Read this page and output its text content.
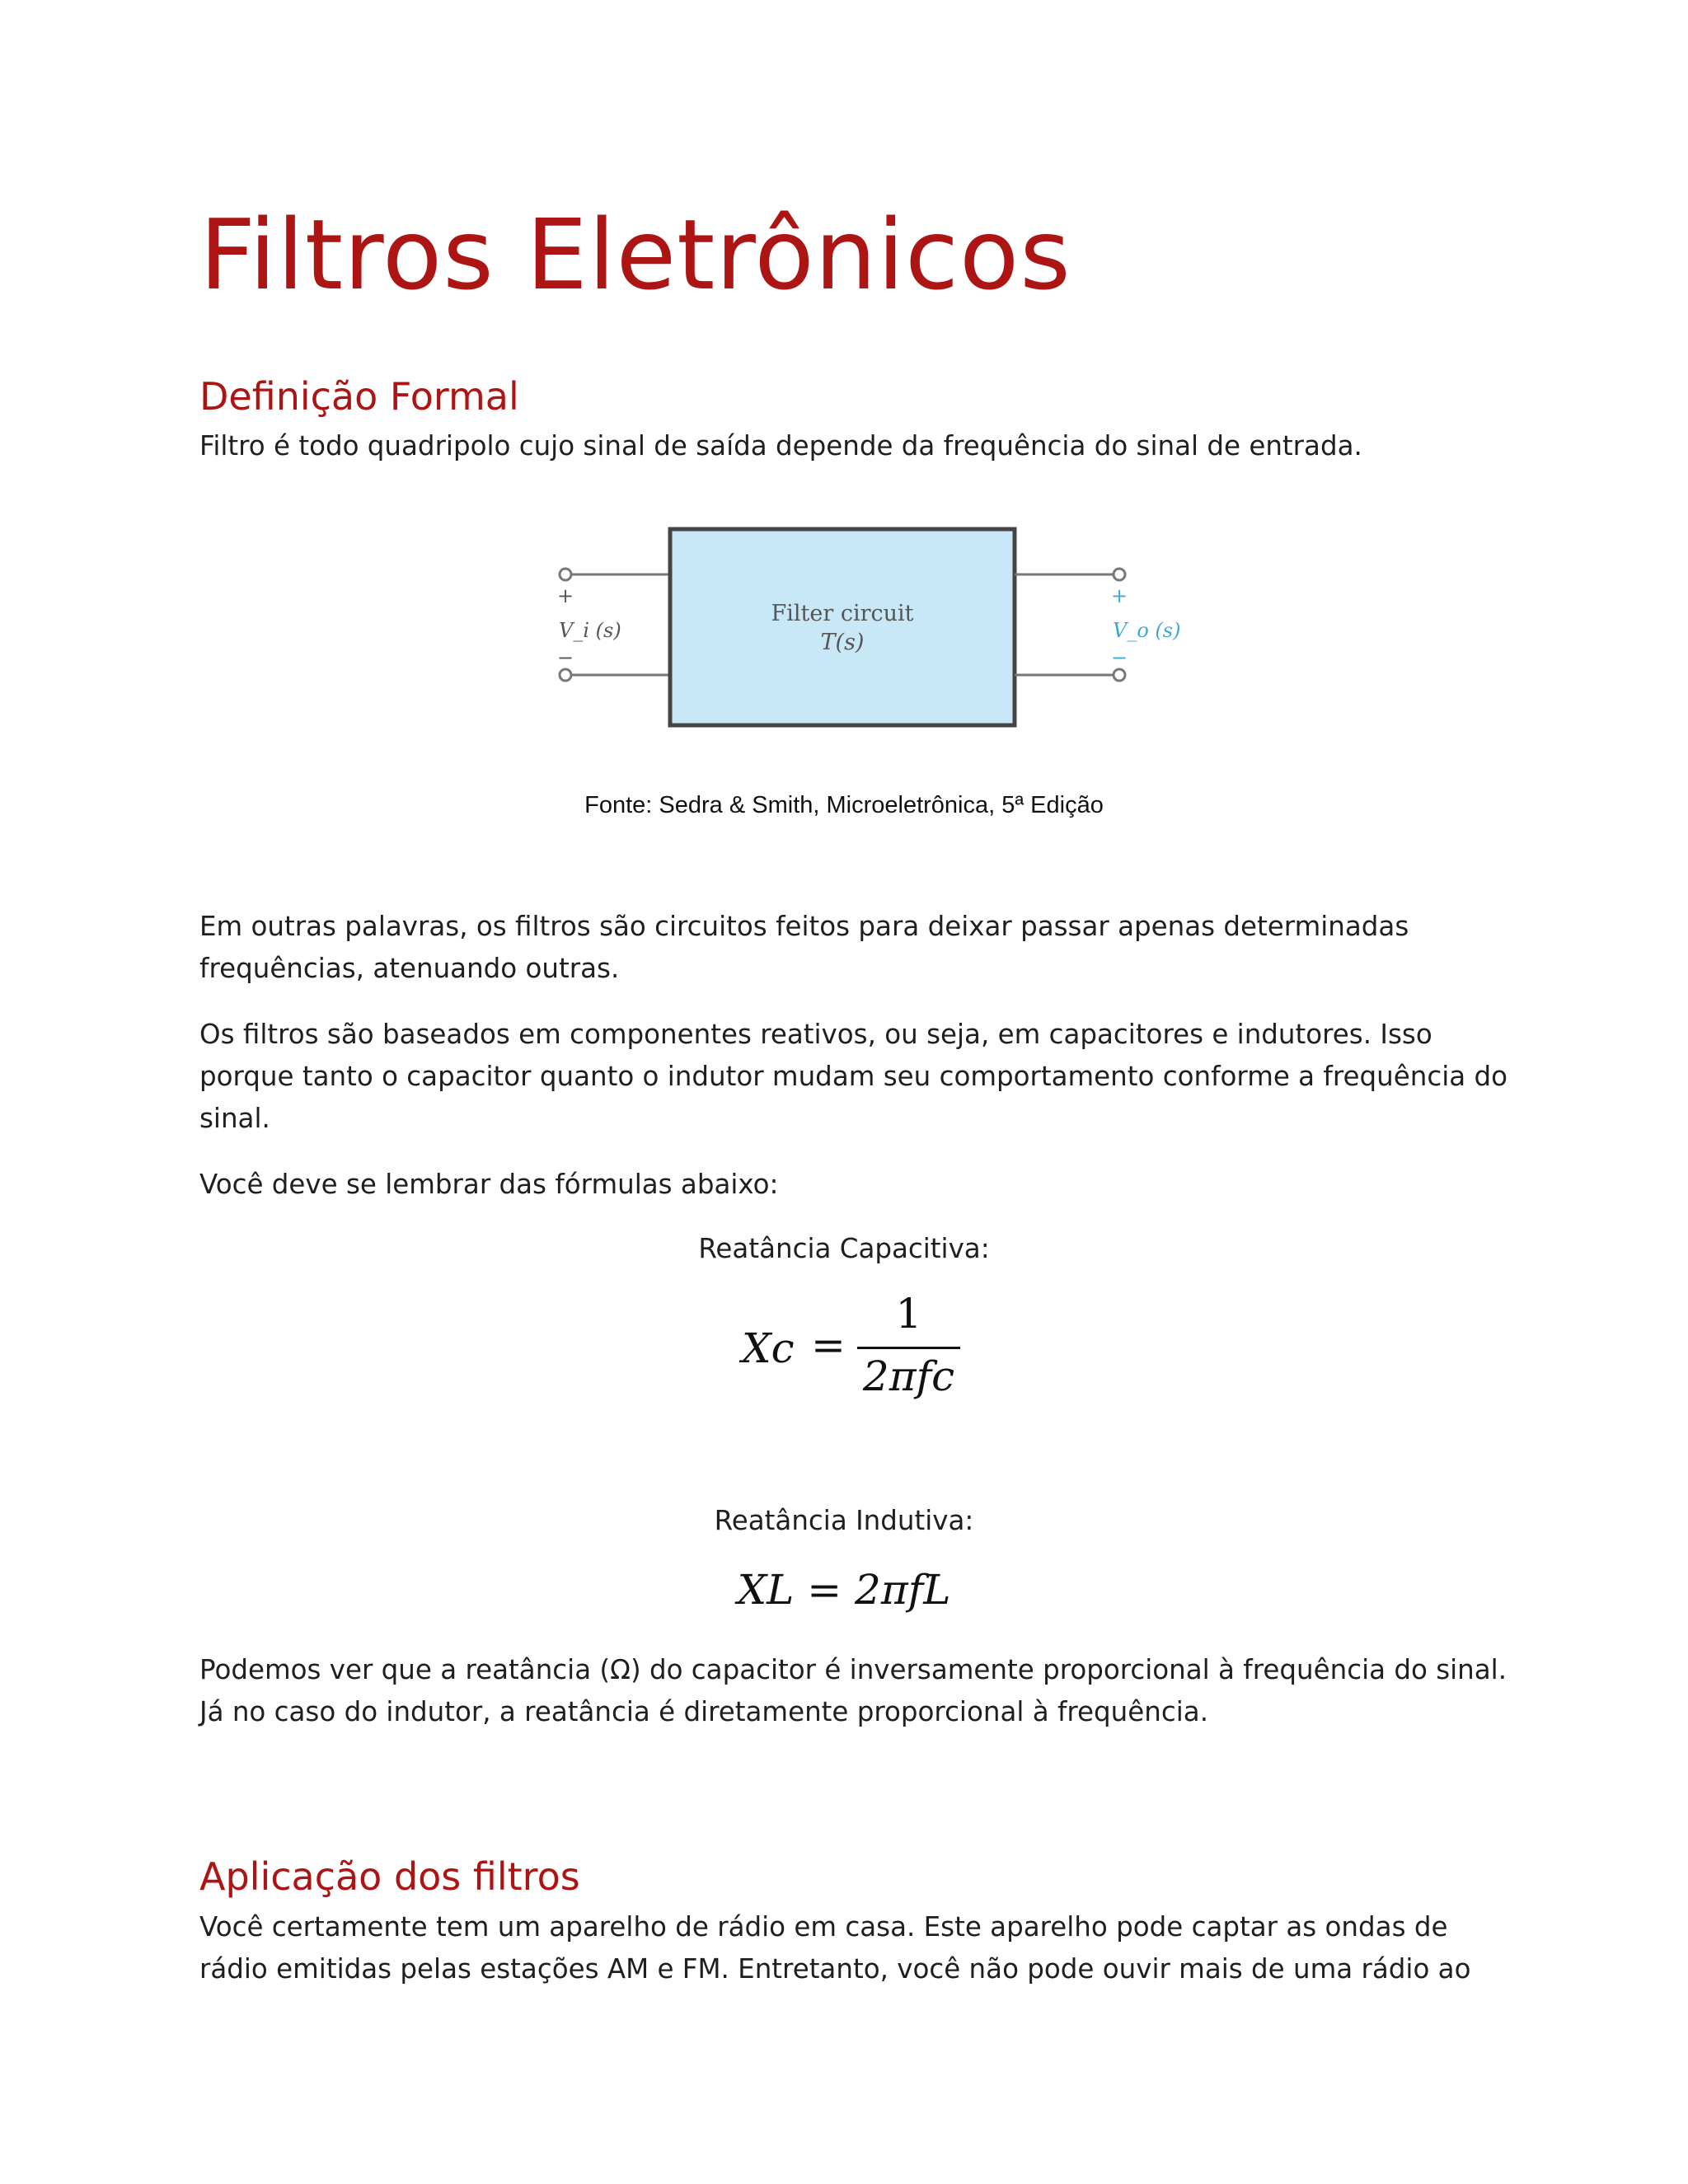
Filtros Eletrônicos
Definição Formal

Filtro é todo quadripolo cujo sinal de saída depende da frequência do sinal de entrada.

Filter circuit
T(s)
+
V_i (s)
−
+
V_o (s)
−
Fonte: Sedra & Smith, Microeletrônica, 5ª Edição

Em outras palavras, os filtros são circuitos feitos para deixar passar apenas determinadas frequências, atenuando outras.

Os filtros são baseados em componentes reativos, ou seja, em capacitores e indutores. Isso porque tanto o capacitor quanto o indutor mudam seu comportamento conforme a frequência do sinal.

Você deve se lembrar das fórmulas abaixo:

Reatância Capacitiva:
Xc =
1
2πfc
Reatância Indutiva:
XL = 2πfL

Podemos ver que a reatância (Ω) do capacitor é inversamente proporcional à frequência do sinal. Já no caso do indutor, a reatância é diretamente proporcional à frequência.

Aplicação dos filtros

Você certamente tem um aparelho de rádio em casa. Este aparelho pode captar as ondas de rádio emitidas pelas estações AM e FM. Entretanto, você não pode ouvir mais de uma rádio ao
